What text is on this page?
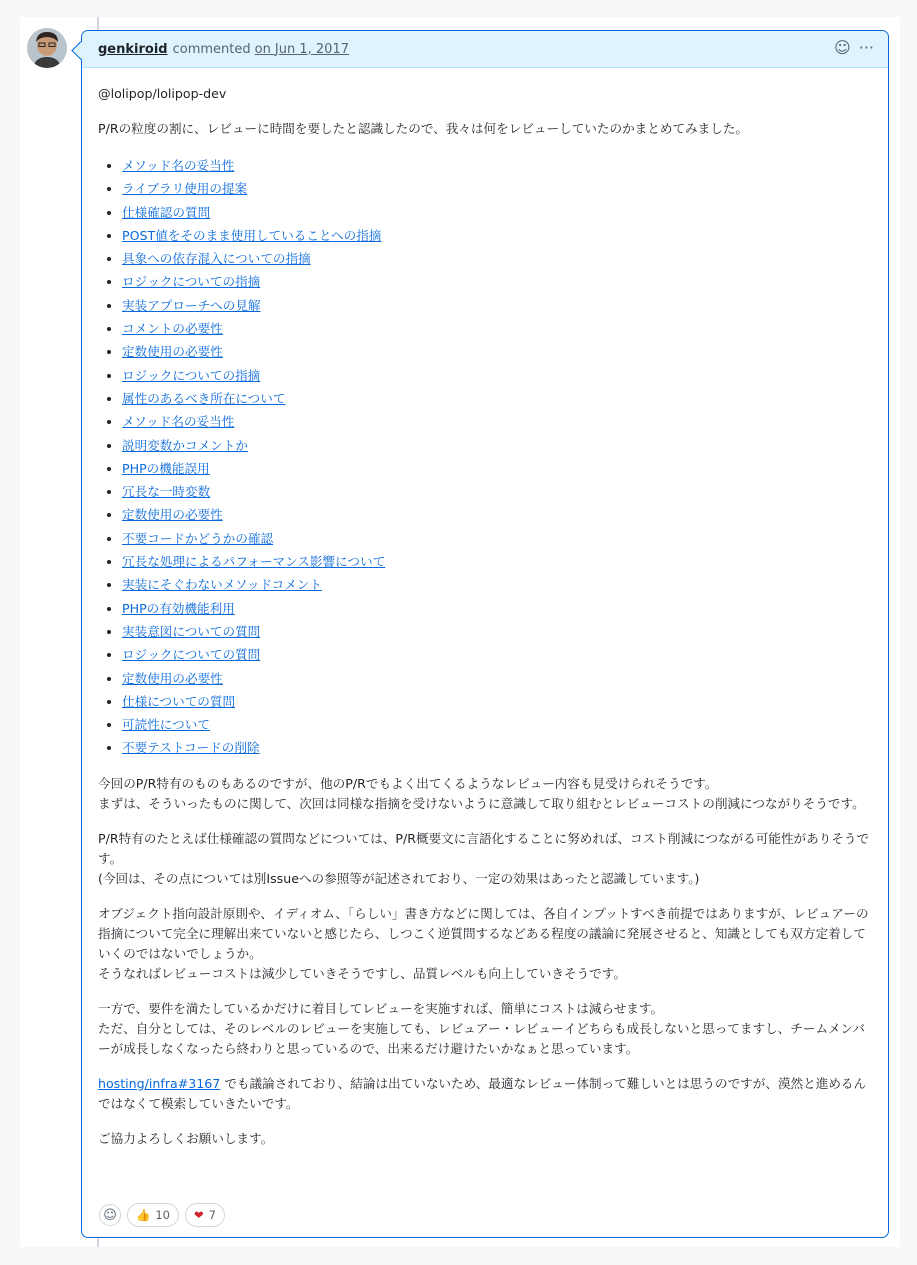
genkiroid commented on Jun 1, 2017	☺ ···

@lolipop/lolipop-dev

P/Rの粒度の割に、レビューに時間を要したと認識したので、我々は何をレビューしていたのかまとめてみました。

• メソッド名の妥当性
• ライブラリ使用の提案
• 仕様確認の質問
• POST値をそのまま使用していることへの指摘
• 具象への依存混入についての指摘
• ロジックについての指摘
• 実装アプローチへの見解
• コメントの必要性
• 定数使用の必要性
• ロジックについての指摘
• 属性のあるべき所在について
• メソッド名の妥当性
• 説明変数かコメントか
• PHPの機能誤用
• 冗長な一時変数
• 定数使用の必要性
• 不要コードかどうかの確認
• 冗長な処理によるパフォーマンス影響について
• 実装にそぐわないメソッドコメント
• PHPの有効機能利用
• 実装意図についての質問
• ロジックについての質問
• 定数使用の必要性
• 仕様についての質問
• 可読性について
• 不要テストコードの削除

今回のP/R特有のものもあるのですが、他のP/Rでもよく出てくるようなレビュー内容も見受けられそうです。
まずは、そういったものに関して、次回は同様な指摘を受けないように意識して取り組むとレビューコストの削減につながりそうです。

P/R特有のたとえば仕様確認の質問などについては、P/R概要文に言語化することに努めれば、コスト削減につながる可能性がありそうです。
(今回は、その点については別Issueへの参照等が記述されており、一定の効果はあったと認識しています。)

オブジェクト指向設計原則や、イディオム、「らしい」書き方などに関しては、各自インプットすべき前提ではありますが、レビュアーの指摘について完全に理解出来ていないと感じたら、しつこく逆質問するなどある程度の議論に発展させると、知識としても双方定着していくのではないでしょうか。
そうなればレビューコストは減少していきそうですし、品質レベルも向上していきそうです。

一方で、要件を満たしているかだけに着目してレビューを実施すれば、簡単にコストは減らせます。
ただ、自分としては、そのレベルのレビューを実施しても、レビュアー・レビューイどちらも成長しないと思ってますし、チームメンバーが成長しなくなったら終わりと思っているので、出来るだけ避けたいかなぁと思っています。

hosting/infra#3167 でも議論されており、結論は出ていないため、最適なレビュー体制って難しいとは思うのですが、漠然と進めるんではなくて模索していきたいです。

ご協力よろしくお願いします。

☺ 👍 10 ❤ 7
